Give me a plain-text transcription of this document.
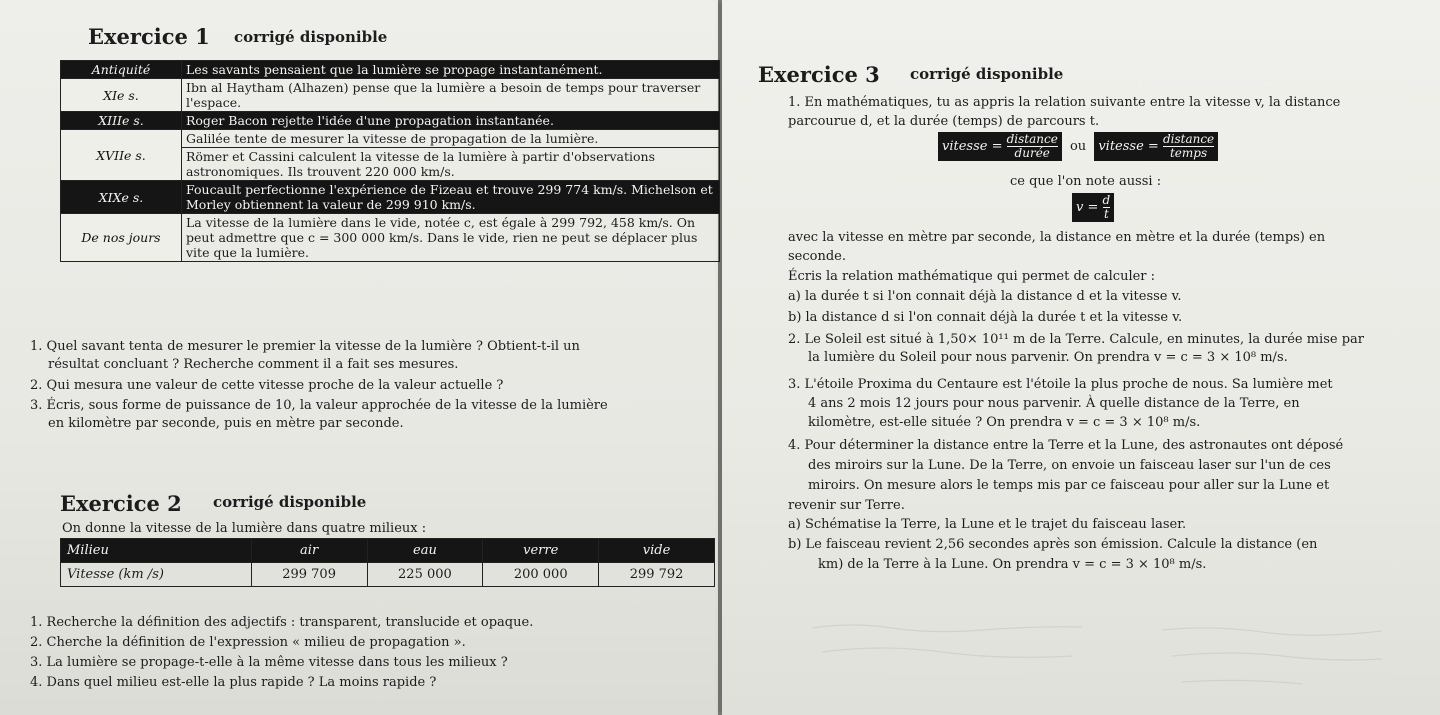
Exercice 1 corrigé disponible
Antiquité	Les savants pensaient que la lumière se propage instantanément.
XIe s.	Ibn al Haytham (Alhazen) pense que la lumière a besoin de temps pour traverser l'espace.
XIIIe s.	Roger Bacon rejette l'idée d'une propagation instantanée.
XVIIe s.	Galilée tente de mesurer la vitesse de propagation de la lumière.
	Römer et Cassini calculent la vitesse de la lumière à partir d'observations astronomiques. Ils trouvent 220 000 km/s.
XIXe s.	Foucault perfectionne l'expérience de Fizeau et trouve 299 774 km/s. Michelson et Morley obtiennent la valeur de 299 910 km/s.
De nos jours	La vitesse de la lumière dans le vide, notée c, est égale à 299 792, 458 km/s. On peut admettre que c = 300 000 km/s. Dans le vide, rien ne peut se déplacer plus vite que la lumière.
1. Quel savant tenta de mesurer le premier la vitesse de la lumière ? Obtient-t-il un
résultat concluant ? Recherche comment il a fait ses mesures.
2. Qui mesura une valeur de cette vitesse proche de la valeur actuelle ?
3. Écris, sous forme de puissance de 10, la valeur approchée de la vitesse de la lumière
en kilomètre par seconde, puis en mètre par seconde.
Exercice 2 corrigé disponible
On donne la vitesse de la lumière dans quatre milieux :
Milieu	air	eau	verre	vide
Vitesse (km /s)	299 709	225 000	200 000	299 792
1. Recherche la définition des adjectifs : transparent, translucide et opaque.
2. Cherche la définition de l'expression « milieu de propagation ».
3. La lumière se propage-t-elle à la même vitesse dans tous les milieux ?
4. Dans quel milieu est-elle la plus rapide ? La moins rapide ?
Exercice 3 corrigé disponible
1. En mathématiques, tu as appris la relation suivante entre la vitesse v, la distance
parcourue d, et la durée (temps) de parcours t.
vitesse = $\frac{\text{distance}}{\text{durée}}$ ou vitesse = $\frac{\text{distance}}{\text{temps}}$
ce que l'on note aussi :
$v = \frac{d}{t}$
avec la vitesse en mètre par seconde, la distance en mètre et la durée (temps) en
seconde.
Écris la relation mathématique qui permet de calculer :
a) la durée t si l'on connait déjà la distance d et la vitesse v.
b) la distance d si l'on connait déjà la durée t et la vitesse v.
2. Le Soleil est situé à 1,50× 10¹¹ m de la Terre. Calcule, en minutes, la durée mise par
la lumière du Soleil pour nous parvenir. On prendra v = c = 3 × 10⁸ m/s.
3. L'étoile Proxima du Centaure est l'étoile la plus proche de nous. Sa lumière met
4 ans 2 mois 12 jours pour nous parvenir. À quelle distance de la Terre, en
kilomètre, est-elle située ? On prendra v = c = 3 × 10⁸ m/s.
4. Pour déterminer la distance entre la Terre et la Lune, des astronautes ont déposé
des miroirs sur la Lune. De la Terre, on envoie un faisceau laser sur l'un de ces
miroirs. On mesure alors le temps mis par ce faisceau pour aller sur la Lune et
revenir sur Terre.
a) Schématise la Terre, la Lune et le trajet du faisceau laser.
b) Le faisceau revient 2,56 secondes après son émission. Calcule la distance (en
km) de la Terre à la Lune. On prendra v = c = 3 × 10⁸ m/s.
